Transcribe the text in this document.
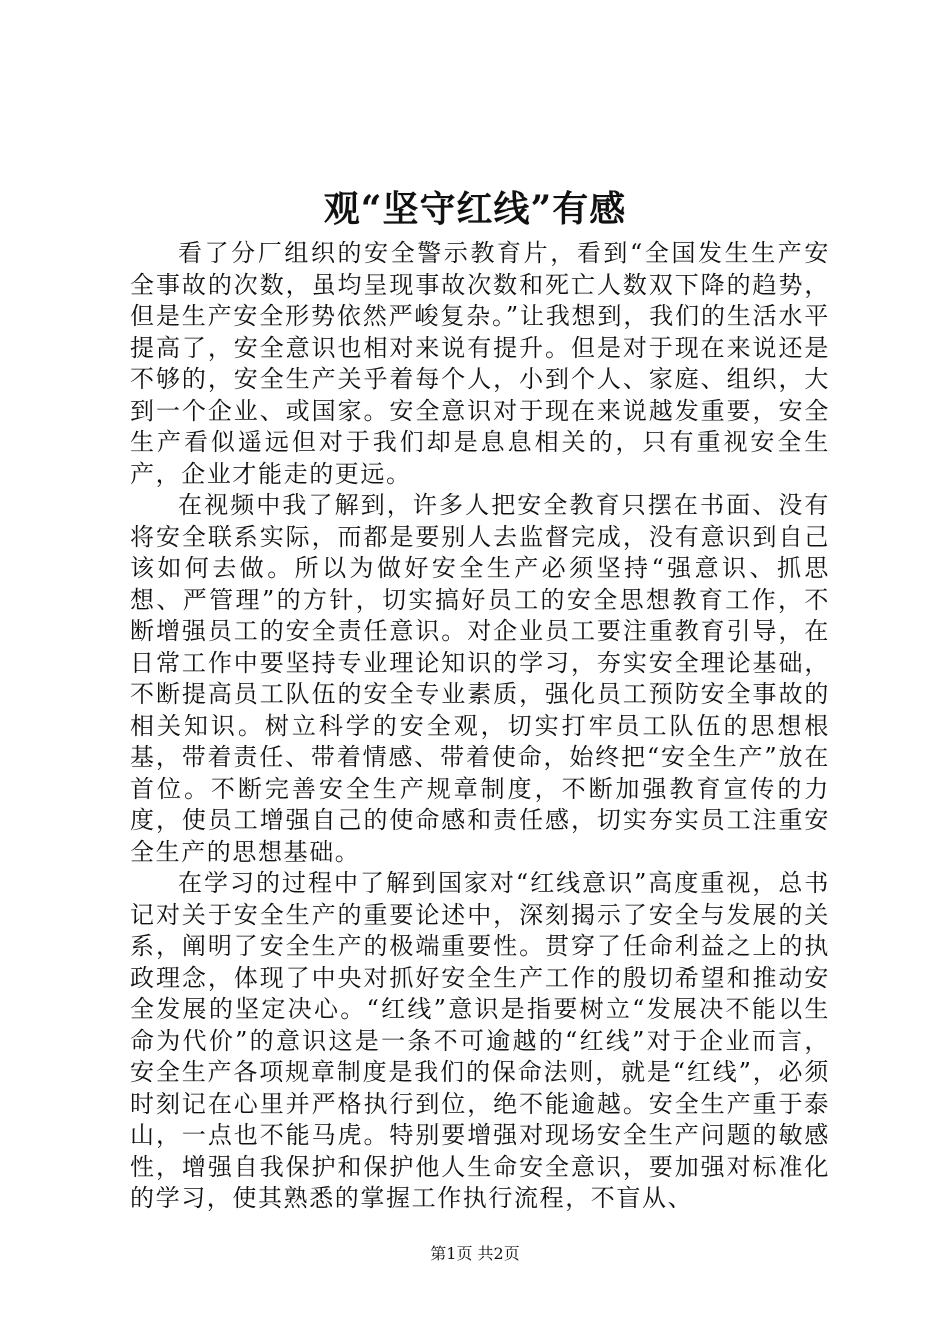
观“坚守红线”有感

看了分厂组织的安全警示教育片，看到“全国发生生产安全事故的次数，虽均呈现事故次数和死亡人数双下降的趋势，但是生产安全形势依然严峻复杂。”让我想到，我们的生活水平提高了，安全意识也相对来说有提升。但是对于现在来说还是不够的，安全生产关乎着每个人，小到个人、家庭、组织，大到一个企业、或国家。安全意识对于现在来说越发重要，安全生产看似遥远但对于我们却是息息相关的，只有重视安全生产，企业才能走的更远。

在视频中我了解到，许多人把安全教育只摆在书面、没有将安全联系实际，而都是要别人去监督完成，没有意识到自己该如何去做。所以为做好安全生产必须坚持“强意识、抓思想、严管理”的方针，切实搞好员工的安全思想教育工作，不断增强员工的安全责任意识。对企业员工要注重教育引导，在日常工作中要坚持专业理论知识的学习，夯实安全理论基础，不断提高员工队伍的安全专业素质，强化员工预防安全事故的相关知识。树立科学的安全观，切实打牢员工队伍的思想根基，带着责任、带着情感、带着使命，始终把“安全生产”放在首位。不断完善安全生产规章制度，不断加强教育宣传的力度，使员工增强自己的使命感和责任感，切实夯实员工注重安全生产的思想基础。

在学习的过程中了解到国家对“红线意识”高度重视，总书记对关于安全生产的重要论述中，深刻揭示了安全与发展的关系，阐明了安全生产的极端重要性。贯穿了任命利益之上的执政理念，体现了中央对抓好安全生产工作的殷切希望和推动安全发展的坚定决心。“红线”意识是指要树立“发展决不能以生命为代价”的意识这是一条不可逾越的“红线”对于企业而言，安全生产各项规章制度是我们的保命法则，就是“红线”，必须时刻记在心里并严格执行到位，绝不能逾越。安全生产重于泰山，一点也不能马虎。特别要增强对现场安全生产问题的敏感性，增强自我保护和保护他人生命安全意识，要加强对标准化的学习，使其熟悉的掌握工作执行流程，不盲从、

第1页 共2页
